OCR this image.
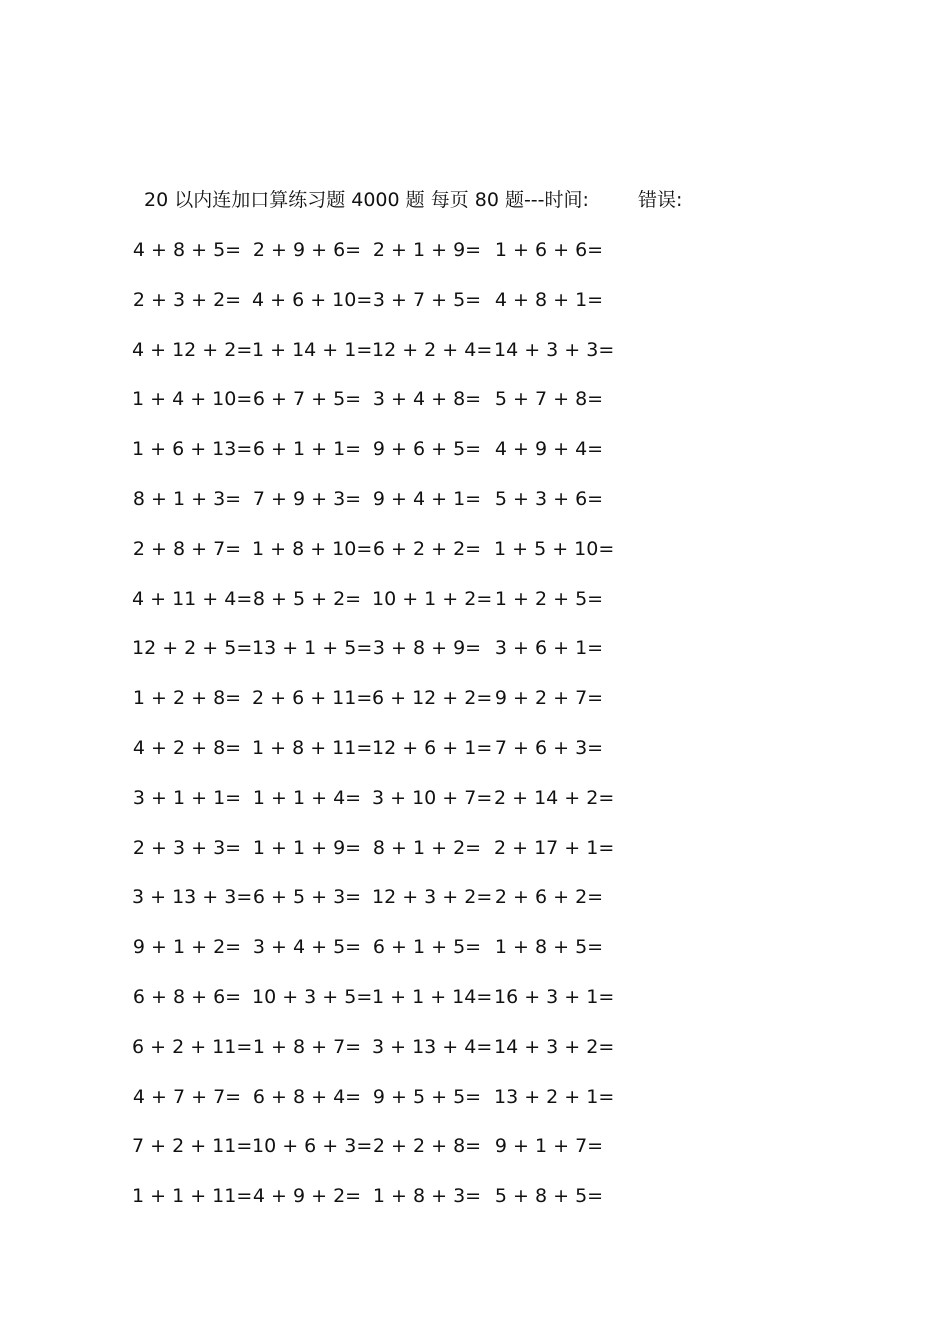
20 以内连加口算练习题 4000 题 每页 80 题---时间:	错误:
4 + 8 + 5= 2 + 9 + 6= 2 + 1 + 9= 1 + 6 + 6=
2 + 3 + 2= 4 + 6 + 10= 3 + 7 + 5= 4 + 8 + 1=
4 + 12 + 2= 1 + 14 + 1= 12 + 2 + 4= 14 + 3 + 3=
1 + 4 + 10= 6 + 7 + 5= 3 + 4 + 8= 5 + 7 + 8=
1 + 6 + 13= 6 + 1 + 1= 9 + 6 + 5= 4 + 9 + 4=
8 + 1 + 3= 7 + 9 + 3= 9 + 4 + 1= 5 + 3 + 6=
2 + 8 + 7= 1 + 8 + 10= 6 + 2 + 2= 1 + 5 + 10=
4 + 11 + 4= 8 + 5 + 2= 10 + 1 + 2= 1 + 2 + 5=
12 + 2 + 5= 13 + 1 + 5= 3 + 8 + 9= 3 + 6 + 1=
1 + 2 + 8= 2 + 6 + 11= 6 + 12 + 2= 9 + 2 + 7=
4 + 2 + 8= 1 + 8 + 11= 12 + 6 + 1= 7 + 6 + 3=
3 + 1 + 1= 1 + 1 + 4= 3 + 10 + 7= 2 + 14 + 2=
2 + 3 + 3= 1 + 1 + 9= 8 + 1 + 2= 2 + 17 + 1=
3 + 13 + 3= 6 + 5 + 3= 12 + 3 + 2= 2 + 6 + 2=
9 + 1 + 2= 3 + 4 + 5= 6 + 1 + 5= 1 + 8 + 5=
6 + 8 + 6= 10 + 3 + 5= 1 + 1 + 14= 16 + 3 + 1=
6 + 2 + 11= 1 + 8 + 7= 3 + 13 + 4= 14 + 3 + 2=
4 + 7 + 7= 6 + 8 + 4= 9 + 5 + 5= 13 + 2 + 1=
7 + 2 + 11= 10 + 6 + 3= 2 + 2 + 8= 9 + 1 + 7=
1 + 1 + 11= 4 + 9 + 2= 1 + 8 + 3= 5 + 8 + 5=
